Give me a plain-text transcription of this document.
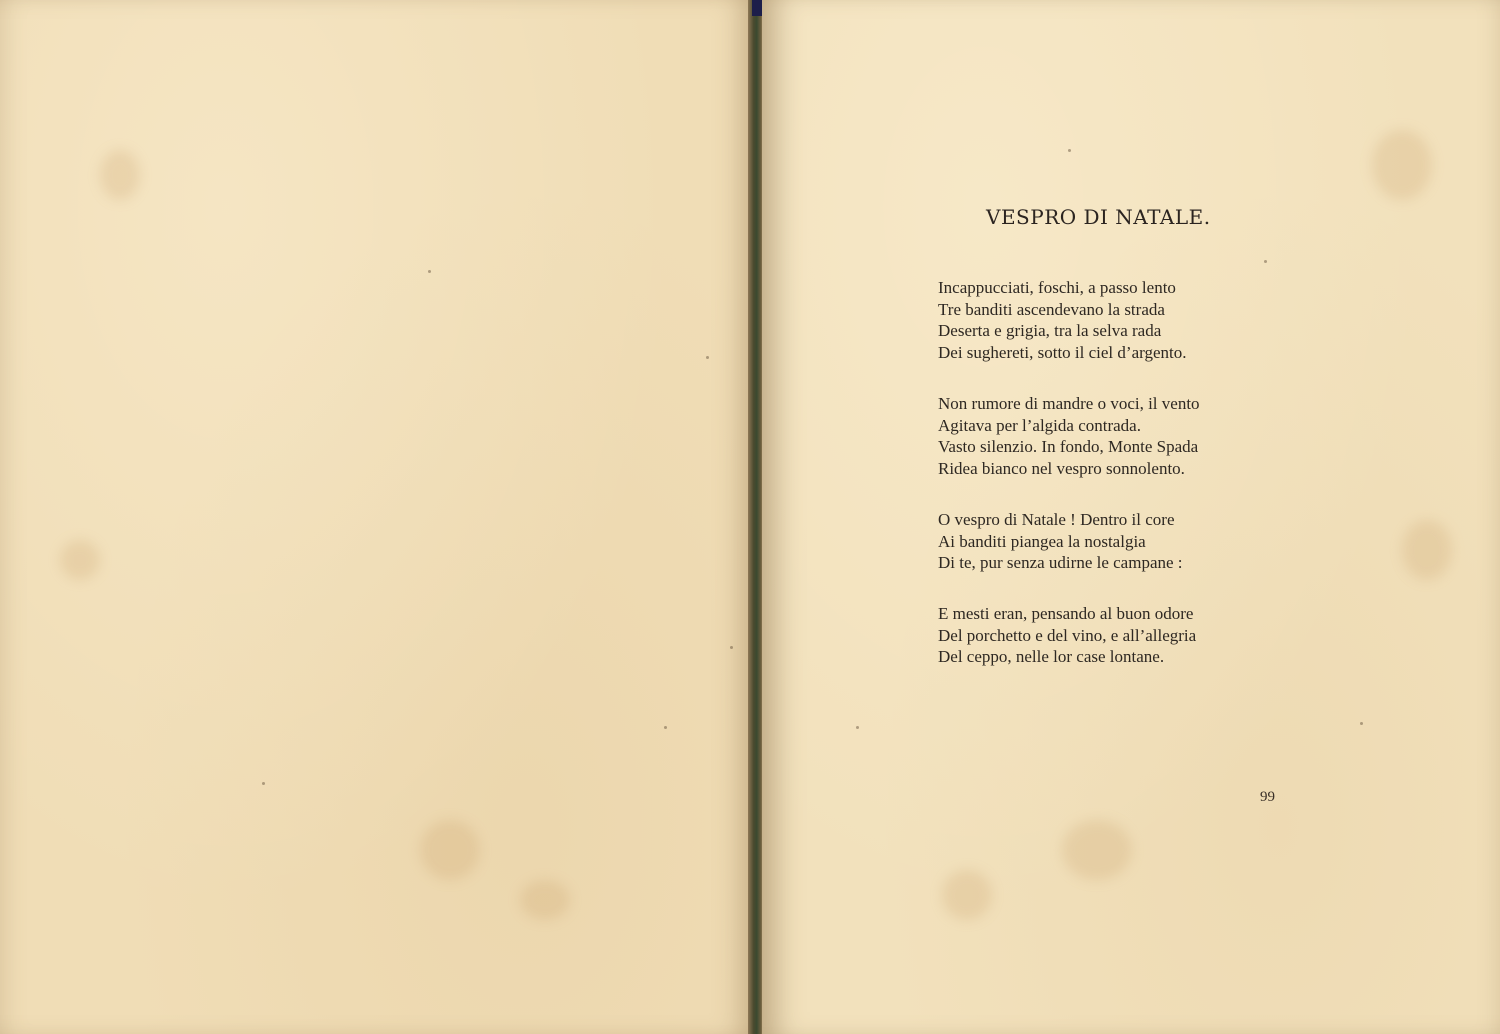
VESPRO DI NATALE.
Incappucciati, foschi, a passo lento
Tre banditi ascendevano la strada
Deserta e grigia, tra la selva rada
Dei sughereti, sotto il ciel d’argento.
Non rumore di mandre o voci, il vento
Agitava per l’algida contrada.
Vasto silenzio. In fondo, Monte Spada
Ridea bianco nel vespro sonnolento.
O vespro di Natale ! Dentro il core
Ai banditi piangea la nostalgia
Di te, pur senza udirne le campane :
E mesti eran, pensando al buon odore
Del porchetto e del vino, e all’allegria
Del ceppo, nelle lor case lontane.
99
